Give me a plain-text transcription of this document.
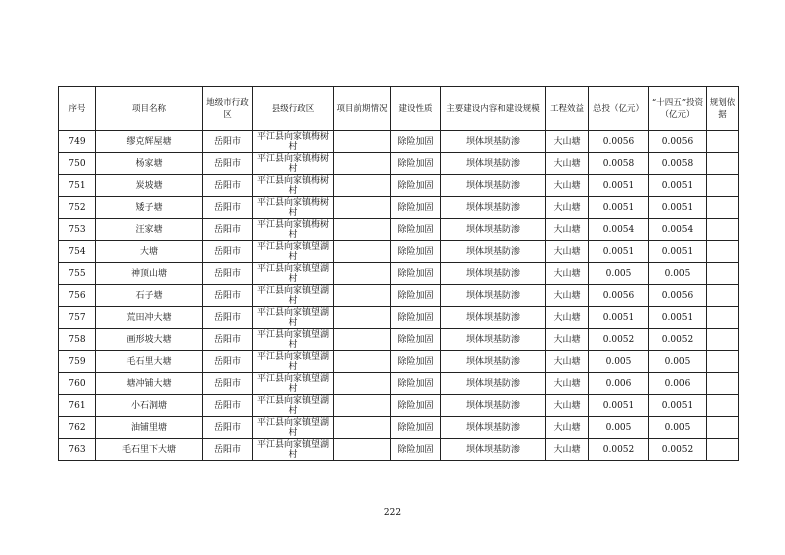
序号	项目名称	地级市行政区	县级行政区	项目前期情况	建设性质	主要建设内容和建设规模	工程效益	总投（亿元）	“十四五”投资（亿元）	规划依据
749	缪克辉屋塘	岳阳市	平江县向家镇梅树村		除险加固	坝体坝基防渗	大山塘	0.0056	0.0056	
750	杨家塘	岳阳市	平江县向家镇梅树村		除险加固	坝体坝基防渗	大山塘	0.0058	0.0058	
751	炭坡塘	岳阳市	平江县向家镇梅树村		除险加固	坝体坝基防渗	大山塘	0.0051	0.0051	
752	矮子塘	岳阳市	平江县向家镇梅树村		除险加固	坝体坝基防渗	大山塘	0.0051	0.0051	
753	汪家塘	岳阳市	平江县向家镇梅树村		除险加固	坝体坝基防渗	大山塘	0.0054	0.0054	
754	大塘	岳阳市	平江县向家镇望湖村		除险加固	坝体坝基防渗	大山塘	0.0051	0.0051	
755	神顶山塘	岳阳市	平江县向家镇望湖村		除险加固	坝体坝基防渗	大山塘	0.005	0.005	
756	石子塘	岳阳市	平江县向家镇望湖村		除险加固	坝体坝基防渗	大山塘	0.0056	0.0056	
757	荒田冲大塘	岳阳市	平江县向家镇望湖村		除险加固	坝体坝基防渗	大山塘	0.0051	0.0051	
758	画形坡大塘	岳阳市	平江县向家镇望湖村		除险加固	坝体坝基防渗	大山塘	0.0052	0.0052	
759	毛石里大塘	岳阳市	平江县向家镇望湖村		除险加固	坝体坝基防渗	大山塘	0.005	0.005	
760	塘冲铺大塘	岳阳市	平江县向家镇望湖村		除险加固	坝体坝基防渗	大山塘	0.006	0.006	
761	小石洞塘	岳阳市	平江县向家镇望湖村		除险加固	坝体坝基防渗	大山塘	0.0051	0.0051	
762	油铺里塘	岳阳市	平江县向家镇望湖村		除险加固	坝体坝基防渗	大山塘	0.005	0.005	
763	毛石里下大塘	岳阳市	平江县向家镇望湖村		除险加固	坝体坝基防渗	大山塘	0.0052	0.0052	
222
